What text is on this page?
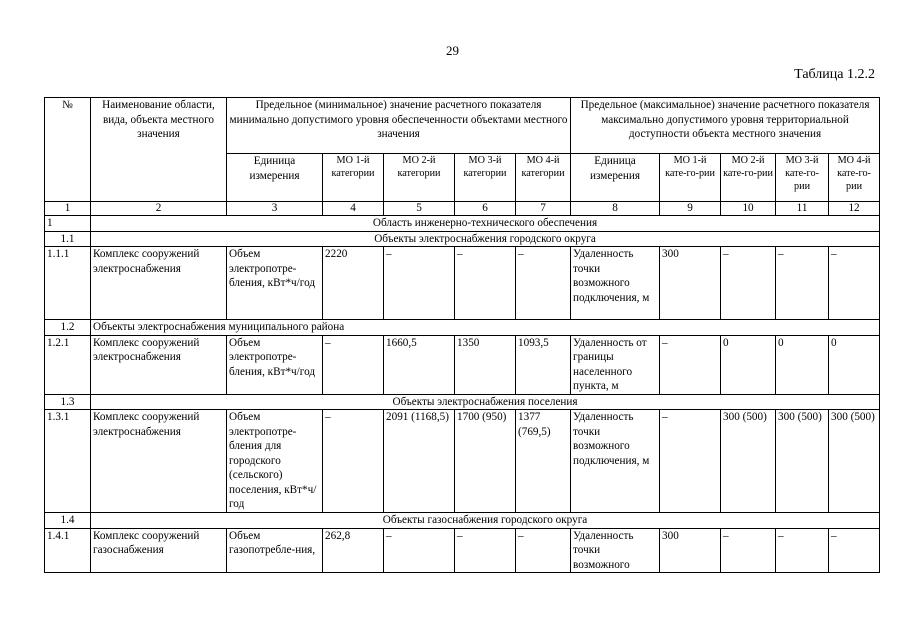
29
Таблица 1.2.2
№	Наименование области, вида, объекта местного значения	Предельное (минимальное) значение расчетного показателя минимально допустимого уровня обеспеченности объектами местного значения					Предельное (максимальное) значение расчетного показателя максимально допустимого уровня территориальной доступности объекта местного значения				
		Единица измерения	МО 1-й категории	МО 2-й категории	МО 3-й категории	МО 4-й категории	Единица измерения	МО 1-й кате-го-рии	МО 2-й кате-го-рии	МО 3-й кате-го-рии	МО 4-й кате-го-рии
1	2	3	4	5	6	7	8	9	10	11	12
1	Область инженерно-технического обеспечения										
1.1	Объекты электроснабжения городского округа										
1.1.1	Комплекс сооружений электроснабжения	Объем электропотре-бления, кВт*ч/год	2220	–	–	–	Удаленность точки возможного подключения, м	300	–	–	–
1.2	Объекты электроснабжения муниципального района										
1.2.1	Комплекс сооружений электроснабжения	Объем электропотре-бления, кВт*ч/год	–	1660,5	1350	1093,5	Удаленность от границы населенного пункта, м	–	0	0	0
1.3	Объекты электроснабжения поселения										
1.3.1	Комплекс сооружений электроснабжения	Объем электропотре-бления для городского (сельского) поселения, кВт*ч/год	–	2091 (1168,5)	1700 (950)	1377 (769,5)	Удаленность точки возможного подключения, м	–	300 (500)	300 (500)	300 (500)
1.4	Объекты газоснабжения городского округа										
1.4.1	Комплекс сооружений газоснабжения	Объем газопотребле-ния,	262,8	–	–	–	Удаленность точки возможного	300	–	–	–
